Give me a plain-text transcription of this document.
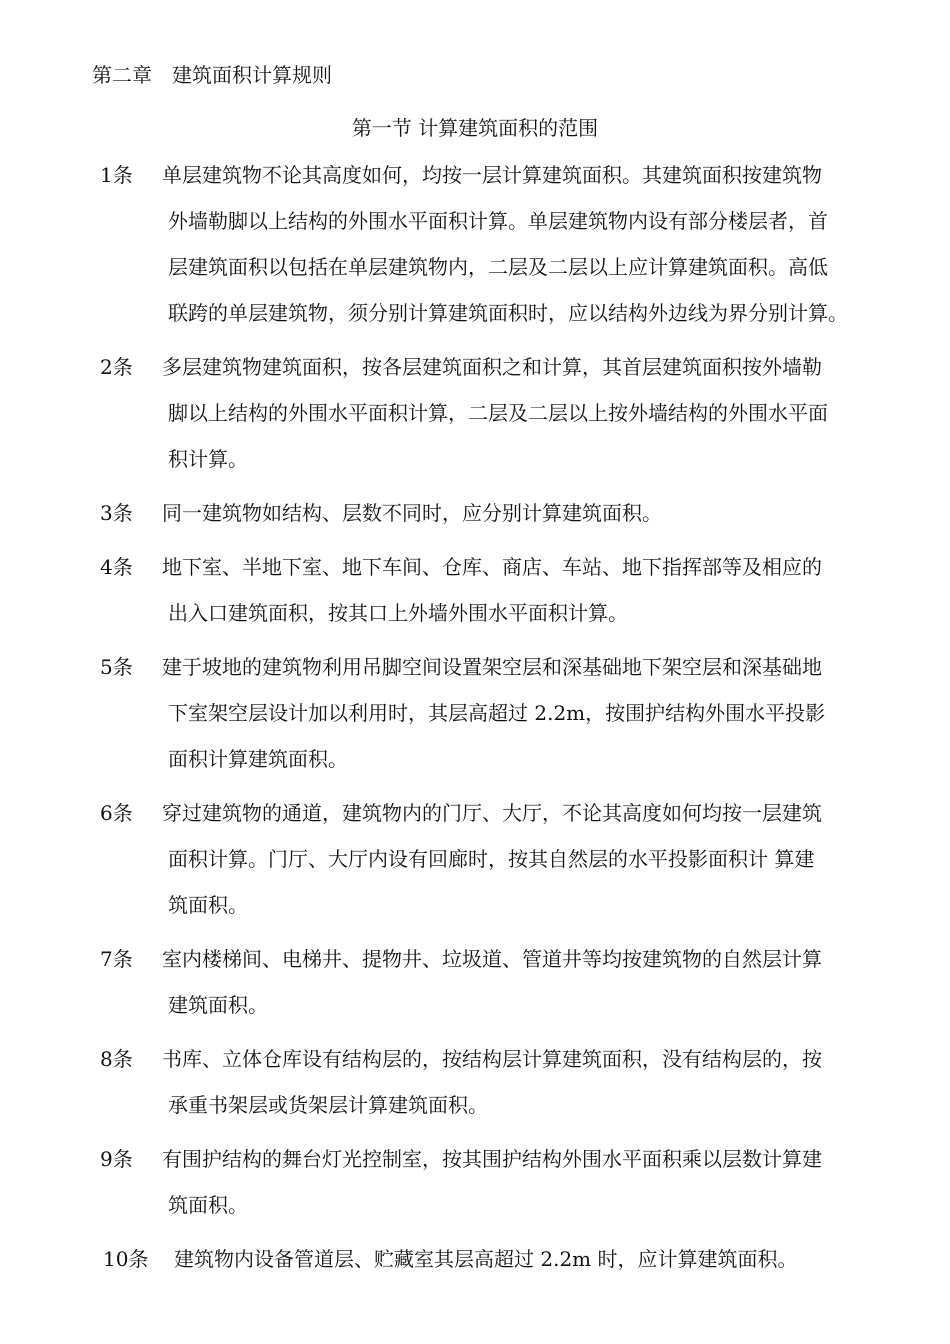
第二章　建筑面积计算规则
第一节 计算建筑面积的范围
1条 单层建筑物不论其高度如何，均按一层计算建筑面积。其建筑面积按建筑物
外墙勒脚以上结构的外围水平面积计算。单层建筑物内设有部分楼层者，首
层建筑面积以包括在单层建筑物内，二层及二层以上应计算建筑面积。高低
联跨的单层建筑物，须分别计算建筑面积时，应以结构外边线为界分别计算。
2条 多层建筑物建筑面积，按各层建筑面积之和计算，其首层建筑面积按外墙勒
脚以上结构的外围水平面积计算，二层及二层以上按外墙结构的外围水平面
积计算。
3条 同一建筑物如结构、层数不同时，应分别计算建筑面积。
4条 地下室、半地下室、地下车间、仓库、商店、车站、地下指挥部等及相应的
出入口建筑面积，按其口上外墙外围水平面积计算。
5条 建于坡地的建筑物利用吊脚空间设置架空层和深基础地下架空层和深基础地
下室架空层设计加以利用时，其层高超过 2.2m，按围护结构外围水平投影
面积计算建筑面积。
6条 穿过建筑物的通道，建筑物内的门厅、大厅，不论其高度如何均按一层建筑
面积计算。门厅、大厅内设有回廊时，按其自然层的水平投影面积计 算建
筑面积。
7条 室内楼梯间、电梯井、提物井、垃圾道、管道井等均按建筑物的自然层计算
建筑面积。
8条 书库、立体仓库设有结构层的，按结构层计算建筑面积，没有结构层的，按
承重书架层或货架层计算建筑面积。
9条 有围护结构的舞台灯光控制室，按其围护结构外围水平面积乘以层数计算建
筑面积。
10条 建筑物内设备管道层、贮藏室其层高超过 2.2m 时，应计算建筑面积。
